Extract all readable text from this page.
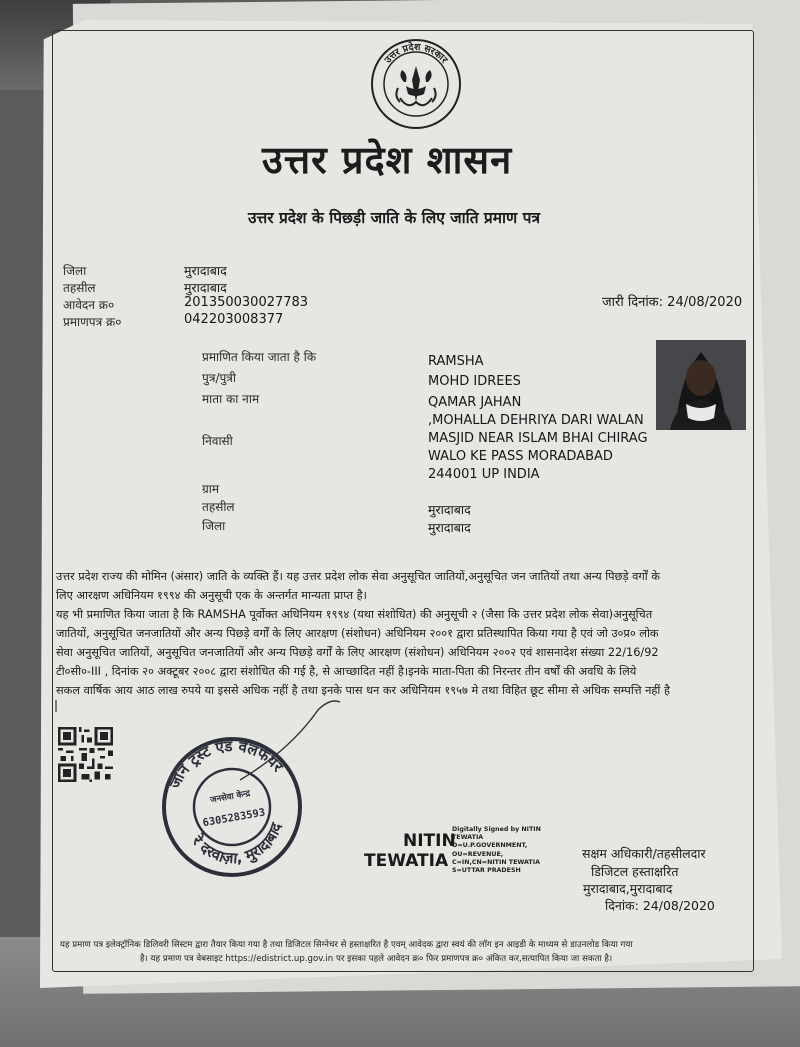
उत्तर प्रदेश सरकार
उत्तर प्रदेश शासन
उत्तर प्रदेश के पिछड़ी जाति के लिए जाति प्रमाण पत्र
जिला	मुरादाबाद
तहसील	मुरादाबाद
आवेदन क्र०	201350030027783
प्रमाणपत्र क्र०	042203008377
जारी दिनांक: 24/08/2020
प्रमाणित किया जाता है कि	RAMSHA
पुत्र/पुत्री	MOHD IDREES
माता का नाम	QAMAR JAHAN
,MOHALLA DEHRIYA DARI WALAN
निवासी	MASJID NEAR ISLAM BHAI CHIRAG
WALO KE PASS MORADABAD
244001 UP INDIA
ग्राम
तहसील	मुरादाबाद
जिला	मुरादाबाद
उत्तर प्रदेश राज्य की मोमिन (अंसार) जाति के व्यक्ति हैं। यह उत्तर प्रदेश लोक सेवा अनुसूचित जातियों,अनुसूचित जन जातियों तथा अन्य पिछड़े वर्गों के
लिए आरक्षण अधिनियम १९९४ की अनुसूची एक के अन्तर्गत मान्यता प्राप्त है।
यह भी प्रमाणित किया जाता है कि RAMSHA पूर्वोक्त अधिनियम १९९४ (यथा संशोधित) की अनुसूची २ (जैसा कि उत्तर प्रदेश लोक सेवा)अनुसूचित
जातियों, अनुसूचित जनजातियों और अन्य पिछड़े वर्गों के लिए आरक्षण (संशोधन) अधिनियम २००१ द्वारा प्रतिस्थापित किया गया है एवं जो उ०प्र० लोक
सेवा अनुसूचित जातियों, अनुसूचित जनजातियों और अन्य पिछड़े वर्गों के लिए आरक्षण (संशोधन) अधिनियम २००२ एवं शासनादेश संख्या 22/16/92
टी०सी०-III , दिनांक २० अक्टूबर २००८ द्वारा संशोधित की गई है, से आच्छादित नहीं है।इनके माता-पिता की निरन्तर तीन वर्षों की अवधि के लिये
सकल वार्षिक आय आठ लाख रुपये या इससे अधिक नहीं है तथा इनके पास धन कर अधिनियम १९५७ मे तथा विहित छूट सीमा से अधिक सम्पत्ति नहीं है
जान ट्रस्ट एंड वेलफेयर
रे दरवाज़ा, मुरादाबाद
जनसेवा केन्द्र
6305283593
NITIN
TEWATIA
Digitally Signed by NITIN
TEWATIA
O=U.P.GOVERNMENT,
OU=REVENUE,
C=IN,CN=NITIN TEWATIA
S=UTTAR PRADESH
सक्षम अधिकारी/तहसीलदार
डिजिटल हस्ताक्षरित
मुरादाबाद,मुरादाबाद
दिनांक: 24/08/2020
यह प्रमाण पत्र इलेक्ट्रॉनिक डिलिवरी सिस्टम द्वारा तैयार किया गया है तथा डिजिटल सिग्नेचर से हस्ताक्षरित है एवम् आवेदक द्वारा स्वयं की लॉग इन आइडी के माध्यम से डाउनलोड किया गया
है। यह प्रमाण पत्र वेबसाइट https://edistrict.up.gov.in पर इसका पहले आवेदन क्र० फिर प्रमाणपत्र क्र० अंकित कर,सत्यापित किया जा सकता है।
